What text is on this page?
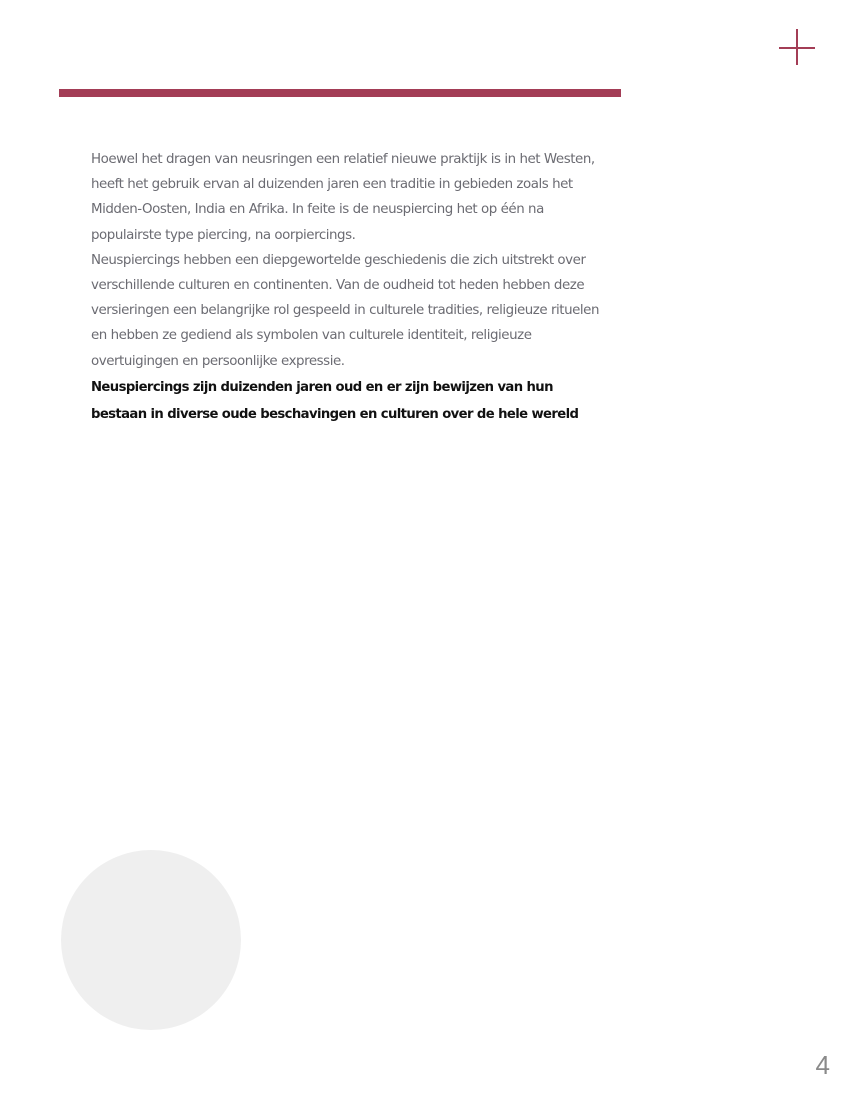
Hoewel het dragen van neusringen een relatief nieuwe praktijk is in het Westen, heeft het gebruik ervan al duizenden jaren een traditie in gebieden zoals het Midden-Oosten, India en Afrika. In feite is de neuspiercing het op één na populairste type piercing, na oorpiercings.

Neuspiercings hebben een diepgewortelde geschiedenis die zich uitstrekt over verschillende culturen en continenten. Van de oudheid tot heden hebben deze versieringen een belangrijke rol gespeeld in culturele tradities, religieuze rituelen en hebben ze gediend als symbolen van culturele identiteit, religieuze overtuigingen en persoonlijke expressie.

Neuspiercings zijn duizenden jaren oud en er zijn bewijzen van hun bestaan in diverse oude beschavingen en culturen over de hele wereld

4
